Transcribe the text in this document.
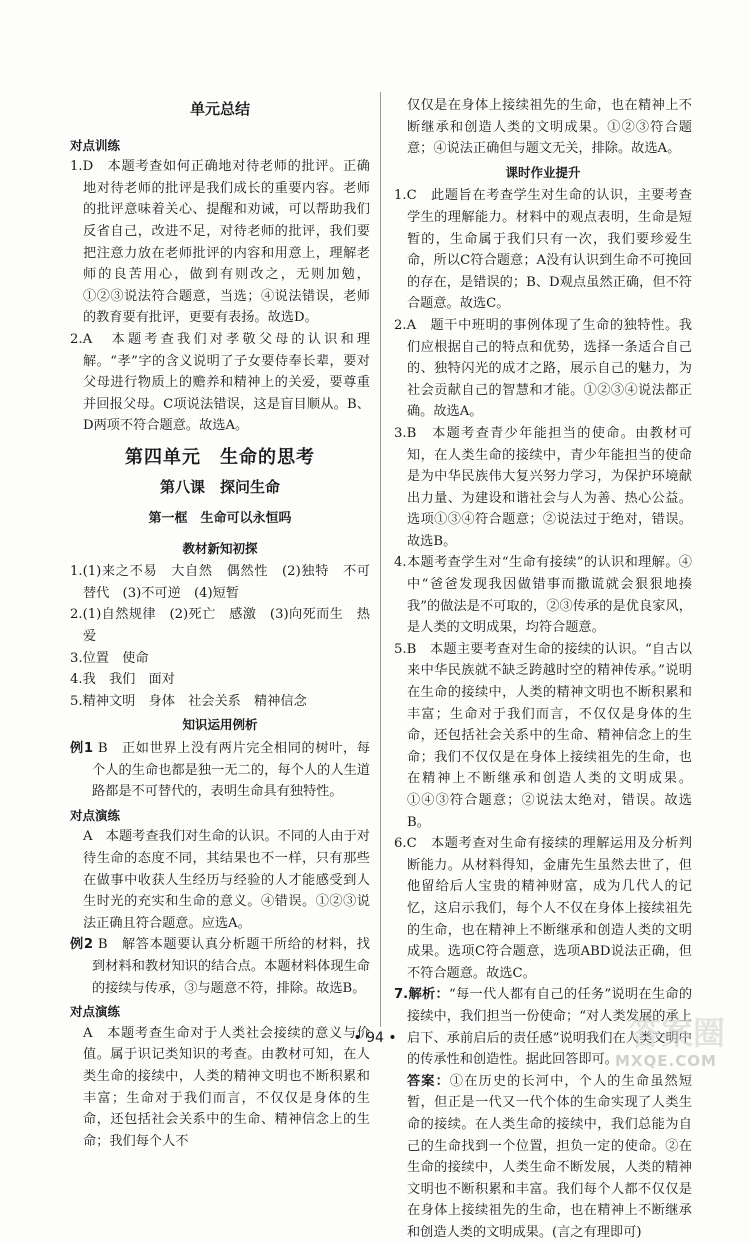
单元总结
对点训练

1.D　本题考查如何正确地对待老师的批评。正确地对待老师的批评是我们成长的重要内容。老师的批评意味着关心、提醒和劝诫，可以帮助我们反省自己，改进不足，对待老师的批评，我们要把注意力放在老师批评的内容和用意上，理解老师的良苦用心，做到有则改之，无则加勉，①②③说法符合题意，当选；④说法错误，老师的教育要有批评，更要有表扬。故选D。

2.A　本题考查我们对孝敬父母的认识和理解。“孝”字的含义说明了子女要侍奉长辈，要对父母进行物质上的赡养和精神上的关爱，要尊重并回报父母。C项说法错误，这是盲目顺从。B、D两项不符合题意。故选A。

第四单元　生命的思考
第八课　探问生命
第一框　生命可以永恒吗
教材新知初探

1.(1)来之不易　大自然　偶然性　(2)独特　不可替代　(3)不可逆　(4)短暂

2.(1)自然规律　(2)死亡　感激　(3)向死而生　热爱

3.位置　使命

4.我　我们　面对

5.精神文明　身体　社会关系　精神信念

知识运用例析

例1 B　正如世界上没有两片完全相同的树叶，每个人的生命也都是独一无二的，每个人的人生道路都是不可替代的，表明生命具有独特性。

对点演练

A　本题考查我们对生命的认识。不同的人由于对待生命的态度不同，其结果也不一样，只有那些在做事中收获人生经历与经验的人才能感受到人生时光的充实和生命的意义。④错误。①②③说法正确且符合题意。应选A。

例2 B　解答本题要认真分析题干所给的材料，找到材料和教材知识的结合点。本题材料体现生命的接续与传承，③与题意不符，排除。故选B。

对点演练

A　本题考查生命对于人类社会接续的意义与价值。属于识记类知识的考查。由教材可知，在人类生命的接续中，人类的精神文明也不断积累和丰富；生命对于我们而言，不仅仅是身体的生命，还包括社会关系中的生命、精神信念上的生命；我们每个人不

仅仅是在身体上接续祖先的生命，也在精神上不断继承和创造人类的文明成果。①②③符合题意；④说法正确但与题文无关，排除。故选A。

课时作业提升

1.C　此题旨在考查学生对生命的认识，主要考查学生的理解能力。材料中的观点表明，生命是短暂的，生命属于我们只有一次，我们要珍爱生命，所以C符合题意；A没有认识到生命不可挽回的存在，是错误的；B、D观点虽然正确，但不符合题意。故选C。

2.A　题干中班明的事例体现了生命的独特性。我们应根据自己的特点和优势，选择一条适合自己的、独特闪光的成才之路，展示自己的魅力，为社会贡献自己的智慧和才能。①②③④说法都正确。故选A。

3.B　本题考查青少年能担当的使命。由教材可知，在人类生命的接续中，青少年能担当的使命是为中华民族伟大复兴努力学习，为保护环境献出力量、为建设和谐社会与人为善、热心公益。选项①③④符合题意；②说法过于绝对，错误。故选B。

4.本题考查学生对“生命有接续”的认识和理解。④中“爸爸发现我因做错事而撒谎就会狠狠地揍我”的做法是不可取的，②③传承的是优良家风，是人类的文明成果，均符合题意。

5.B　本题主要考查对生命的接续的认识。“自古以来中华民族就不缺乏跨越时空的精神传承。”说明在生命的接续中，人类的精神文明也不断积累和丰富；生命对于我们而言，不仅仅是身体的生命，还包括社会关系中的生命、精神信念上的生命；我们不仅仅是在身体上接续祖先的生命，也在精神上不断继承和创造人类的文明成果。①④③符合题意；②说法太绝对，错误。故选B。

6.C　本题考查对生命有接续的理解运用及分析判断能力。从材料得知，金庸先生虽然去世了，但他留给后人宝贵的精神财富，成为几代人的记忆，这启示我们，每个人不仅在身体上接续祖先的生命，也在精神上不断继承和创造人类的文明成果。选项C符合题意，选项ABD说法正确，但不符合题意。故选C。

7.解析：“每一代人都有自己的任务”说明在生命的接续中，我们担当一份使命；“对人类发展的承上启下、承前启后的责任感”说明我们在人类文明中的传承性和创造性。据此回答即可。

答案：①在历史的长河中，个人的生命虽然短暂，但正是一代又一代个体的生命实现了人类生命的接续。在人类生命的接续中，我们总能为自己的生命找到一个位置，担负一定的使命。②在生命的接续中，人类生命不断发展，人类的精神文明也不断积累和丰富。我们每个人都不仅仅是在身体上接续祖先的生命，也在精神上不断继承和创造人类的文明成果。(言之有理即可)

• 94 •	答案圈
MXQE.COM
